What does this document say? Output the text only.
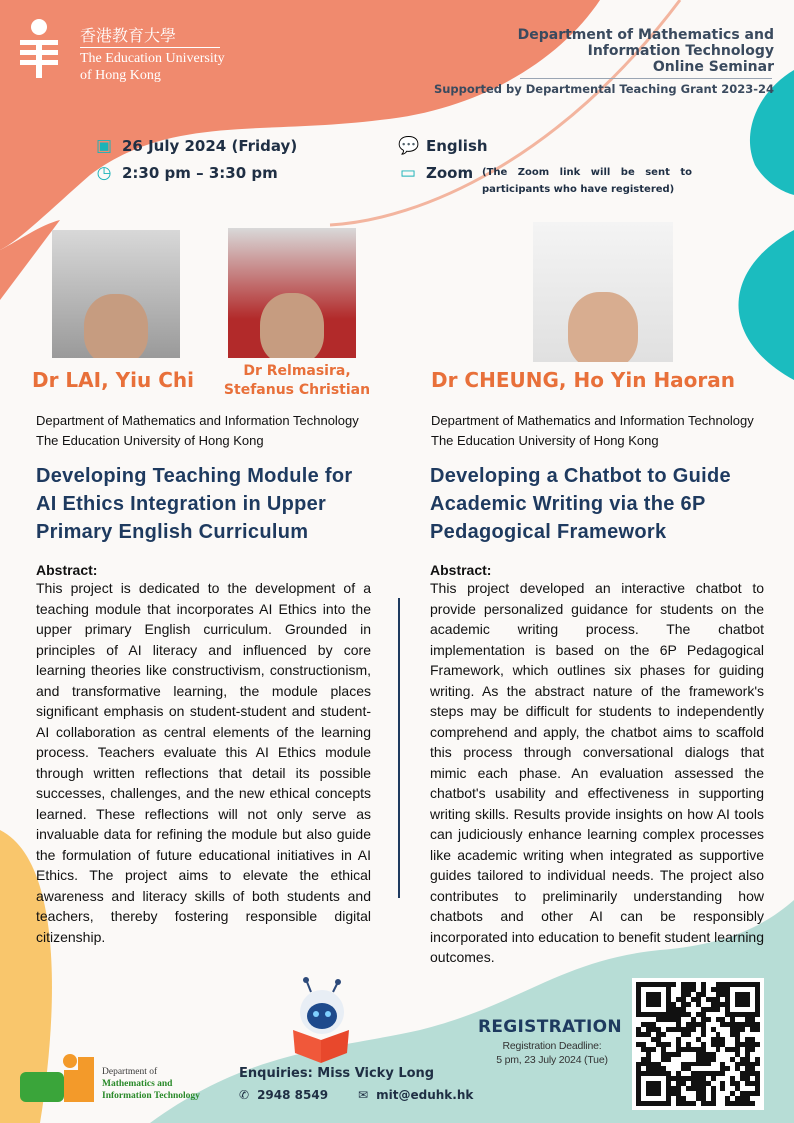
香港教育大學
The Education University
of Hong Kong
Department of Mathematics and
Information Technology
Online Seminar
Supported by Departmental Teaching Grant 2023-24
▣ 26 July 2024 (Friday)
◷ 2:30 pm – 3:30 pm
💬 English
▭ Zoom (The Zoom link will be sent to participants who have registered)
Dr LAI, Yiu Chi	Dr Relmasira, Stefanus Christian	Dr CHEUNG, Ho Yin Haoran
Department of Mathematics and Information Technology
The Education University of Hong Kong
Department of Mathematics and Information Technology
The Education University of Hong Kong
Developing Teaching Module for AI Ethics Integration in Upper Primary English Curriculum
Abstract:
This project is dedicated to the development of a teaching module that incorporates AI Ethics into the upper primary English curriculum. Grounded in principles of AI literacy and influenced by core learning theories like constructivism, constructionism, and transformative learning, the module places significant emphasis on student-student and student-AI collaboration as central elements of the learning process. Teachers evaluate this AI Ethics module through written reflections that detail its possible successes, challenges, and the new ethical concepts learned. These reflections will not only serve as invaluable data for refining the module but also guide the formulation of future educational initiatives in AI Ethics. The project aims to elevate the ethical awareness and literacy skills of both students and teachers, thereby fostering responsible digital citizenship.
Developing a Chatbot to Guide Academic Writing via the 6P Pedagogical Framework
Abstract:
This project developed an interactive chatbot to provide personalized guidance for students on the academic writing process. The chatbot implementation is based on the 6P Pedagogical Framework, which outlines six phases for guiding writing. As the abstract nature of the framework's steps may be difficult for students to independently comprehend and apply, the chatbot aims to scaffold this process through conversational dialogs that mimic each phase. An evaluation assessed the chatbot's usability and effectiveness in supporting writing skills. Results provide insights on how AI tools can judiciously enhance learning complex processes like academic writing when integrated as supportive guides tailored to individual needs. The project also contributes to preliminarily understanding how chatbots and other AI can be responsibly incorporated into education to benefit student learning outcomes.
Department of
Mathematics and
Information Technology
Enquiries: Miss Vicky Long
✆ 2948 8549	✉ mit@eduhk.hk
REGISTRATION
Registration Deadline:
5 pm, 23 July 2024 (Tue)
